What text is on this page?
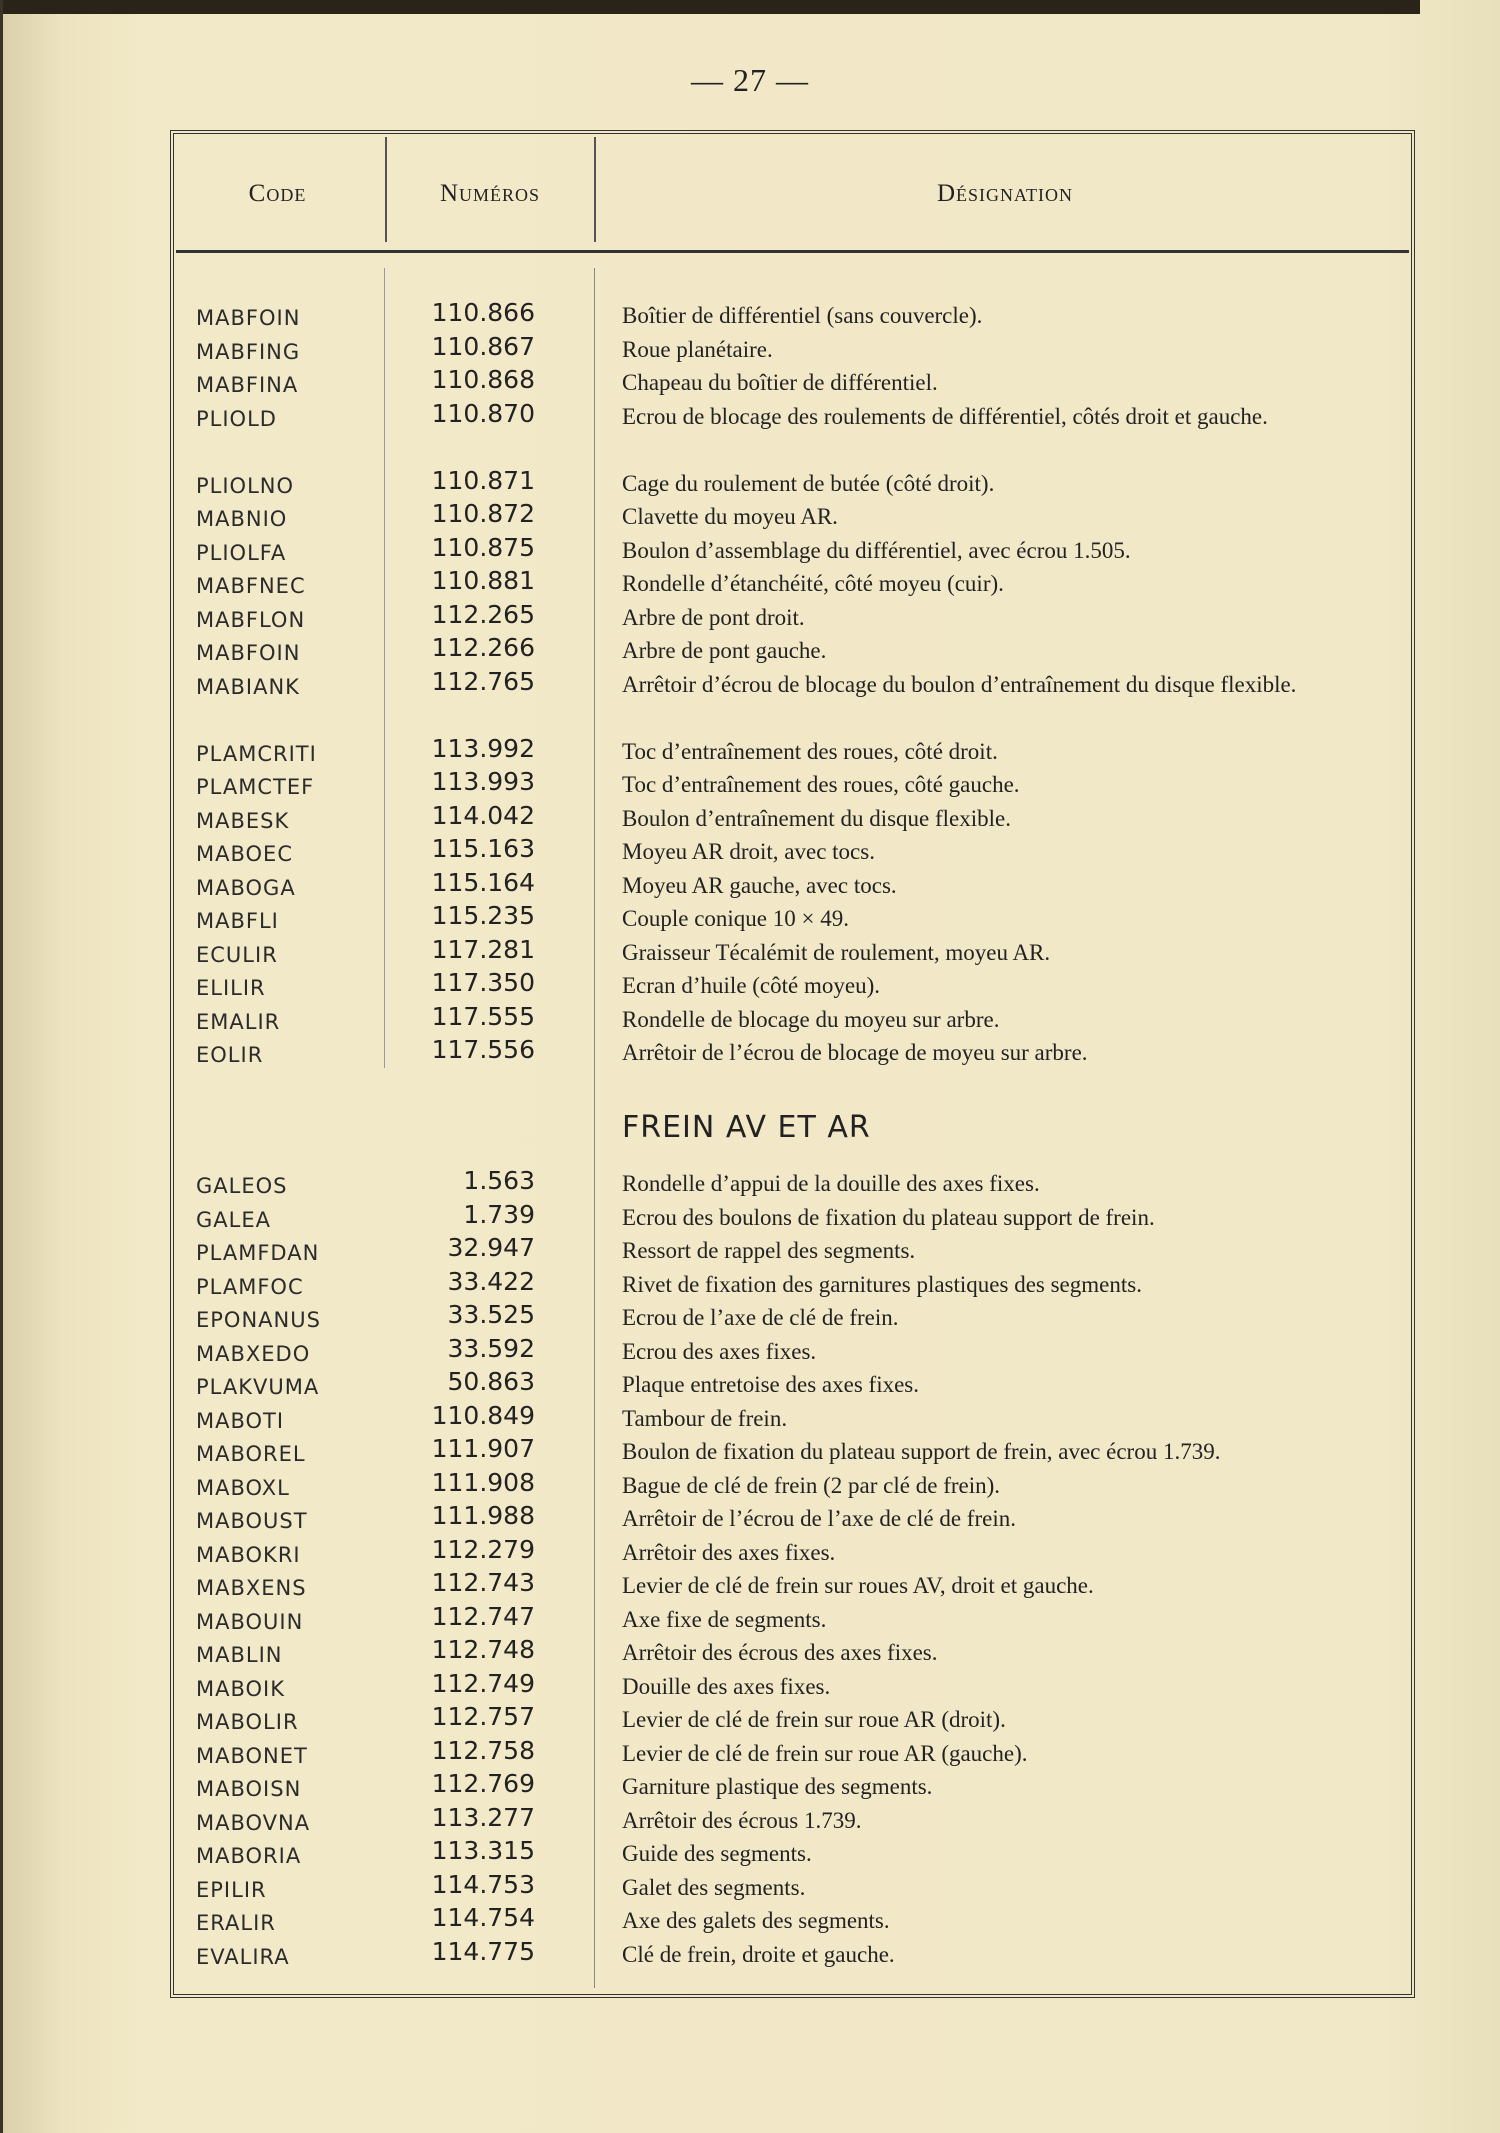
— 27 —
Code	Numéros	Désignation
MABFOIN	110.866	Boîtier de différentiel (sans couvercle).
MABFING	110.867	Roue planétaire.
MABFINA	110.868	Chapeau du boîtier de différentiel.
PLIOLD	110.870	Ecrou de blocage des roulements de différentiel, côtés droit et gauche.
PLIOLNO	110.871	Cage du roulement de butée (côté droit).
MABNIO	110.872	Clavette du moyeu AR.
PLIOLFA	110.875	Boulon d’assemblage du différentiel, avec écrou 1.505.
MABFNEC	110.881	Rondelle d’étanchéité, côté moyeu (cuir).
MABFLON	112.265	Arbre de pont droit.
MABFOIN	112.266	Arbre de pont gauche.
MABIANK	112.765	Arrêtoir d’écrou de blocage du boulon d’entraînement du disque flexible.
PLAMCRITI	113.992	Toc d’entraînement des roues, côté droit.
PLAMCTEF	113.993	Toc d’entraînement des roues, côté gauche.
MABESK	114.042	Boulon d’entraînement du disque flexible.
MABOEC	115.163	Moyeu AR droit, avec tocs.
MABOGA	115.164	Moyeu AR gauche, avec tocs.
MABFLI	115.235	Couple conique 10 × 49.
ECULIR	117.281	Graisseur Técalémit de roulement, moyeu AR.
ELILIR	117.350	Ecran d’huile (côté moyeu).
EMALIR	117.555	Rondelle de blocage du moyeu sur arbre.
EOLIR	117.556	Arrêtoir de l’écrou de blocage de moyeu sur arbre.
FREIN AV ET AR
GALEOS	1.563	Rondelle d’appui de la douille des axes fixes.
GALEA	1.739	Ecrou des boulons de fixation du plateau support de frein.
PLAMFDAN	32.947	Ressort de rappel des segments.
PLAMFOC	33.422	Rivet de fixation des garnitures plastiques des segments.
EPONANUS	33.525	Ecrou de l’axe de clé de frein.
MABXEDO	33.592	Ecrou des axes fixes.
PLAKVUMA	50.863	Plaque entretoise des axes fixes.
MABOTI	110.849	Tambour de frein.
MABOREL	111.907	Boulon de fixation du plateau support de frein, avec écrou 1.739.
MABOXL	111.908	Bague de clé de frein (2 par clé de frein).
MABOUST	111.988	Arrêtoir de l’écrou de l’axe de clé de frein.
MABOKRI	112.279	Arrêtoir des axes fixes.
MABXENS	112.743	Levier de clé de frein sur roues AV, droit et gauche.
MABOUIN	112.747	Axe fixe de segments.
MABLIN	112.748	Arrêtoir des écrous des axes fixes.
MABOIK	112.749	Douille des axes fixes.
MABOLIR	112.757	Levier de clé de frein sur roue AR (droit).
MABONET	112.758	Levier de clé de frein sur roue AR (gauche).
MABOISN	112.769	Garniture plastique des segments.
MABOVNA	113.277	Arrêtoir des écrous 1.739.
MABORIA	113.315	Guide des segments.
EPILIR	114.753	Galet des segments.
ERALIR	114.754	Axe des galets des segments.
EVALIRA	114.775	Clé de frein, droite et gauche.
